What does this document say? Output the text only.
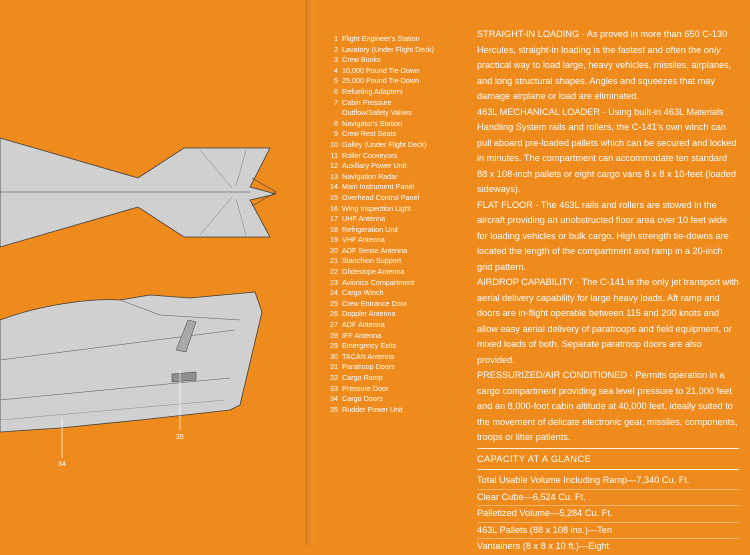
35
34
1 Flight Engineer's Station
2 Lavatory (Under Flight Deck)
3 Crew Bunks
4 10,000 Pound Tie-Down
5 25,000 Pound Tie-Down
6 Refueling Adapters
7 Cabin Pressure
Outflow/Safety Valves
8 Navigator's Station
9 Crew Rest Seats
10 Galley (Under Flight Deck)
11 Roller Conveyors
12 Auxiliary Power Unit
13 Navigation Radar
14 Main Instrument Panel
15 Overhead Control Panel
16 Wing Inspection Light
17 UHF Antenna
18 Refrigeration Unit
19 VHF Antenna
20 ADF Sense Antenna
21 Stanchion Support
22 Glideslope Antenna
23 Avionics Compartment
24 Cargo Winch
25 Crew Entrance Door
26 Doppler Antenna
27 ADF Antenna
28 IFF Antenna
29 Emergency Exits
30 TACAN Antenna
31 Paratroop Doors
32 Cargo Ramp
33 Pressure Door
34 Cargo Doors
35 Rudder Power Unit

STRAIGHT-IN LOADING · As proved in more than 650 C-130 Hercules, straight-in loading is the fastest and often the only practical way to load large, heavy vehicles, missiles, airplanes, and long structural shapes. Angles and squeezes that may damage airplane or load are eliminated.

463L MECHANICAL LOADER · Using built-in 463L Materials Handling System rails and rollers, the C-141's own winch can pull aboard pre-loaded pallets which can be secured and locked in minutes. The compartment can accommodate ten standard 88 x 108-inch pallets or eight cargo vans 8 x 8 x 10-feet (loaded sideways).

FLAT FLOOR · The 463L rails and rollers are stowed in the aircraft providing an unobstructed floor area over 10 feet wide for loading vehicles or bulk cargo. High strength tie-downs are located the length of the compartment and ramp in a 20-inch grid pattern.

AIRDROP CAPABILITY · The C-141 is the only jet transport with aerial delivery capability for large heavy loads. Aft ramp and doors are in-flight operable between 115 and 200 knots and allow easy aerial delivery of paratroops and field equipment, or mixed loads of both. Separate paratroop doors are also provided.

PRESSURIZED/AIR CONDITIONED · Permits operation in a cargo compartment providing sea level pressure to 21,000 feet and an 8,000-foot cabin altitude at 40,000 feet, ideally suited to the movement of delicate electronic gear, missiles, components, troops or litter patients.

CAPACITY AT A GLANCE

Total Usable Volume Including Ramp—7,340 Cu. Ft.

Clear Cube—6,524 Cu. Ft.

Palletized Volume—5,284 Cu. Ft.

463L Pallets (88 x 108 ins.)—Ten

Vantainers (8 x 8 x 10 ft.)—Eight
